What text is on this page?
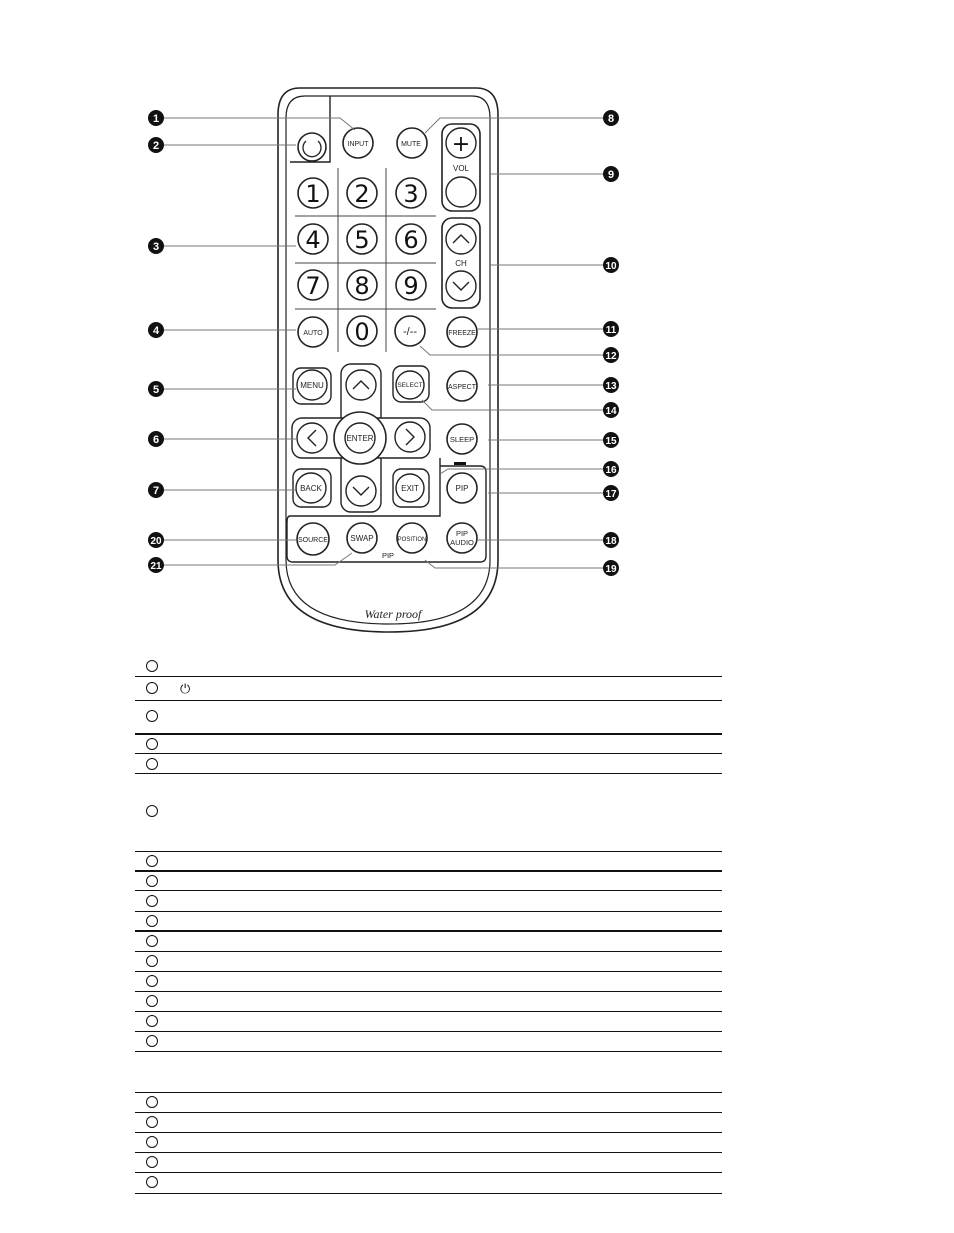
INPUT	MUTE +
VOL
1 2 3
4 5 6
7 8 9
CH
AUTO 0	-/--	FREEZE
MENU
ENTER
SELECT	ASPECT
SLEEP
BACK	EXIT	PIP
SOURCE	SWAP	POSITION
PIP
AUDIO
PIP
Water proof
1
2
3
4
5
6
7
8
9
10
11
12
13
14
15
16
17
18
19
20
21
⏻
